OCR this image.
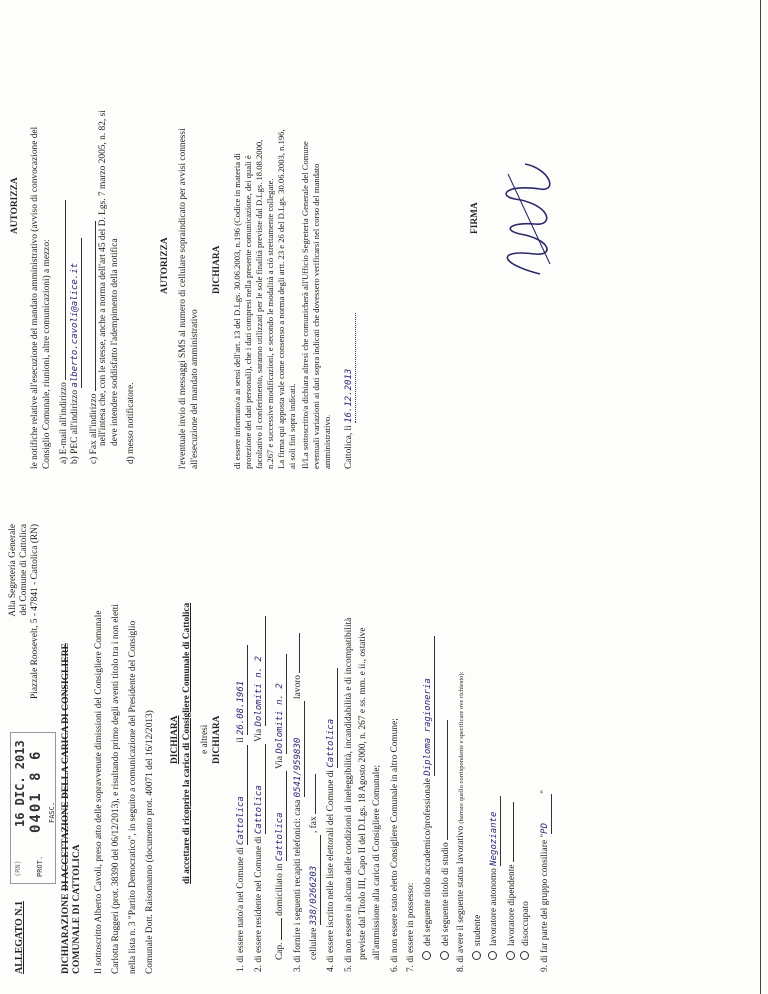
ALLEGATO N.1
(RN)
16 DIC. 2013
PROT.
0401 8 6 FASC.
Alla Segreteria Generale del Comune di Cattolica Piazzale Roosevelt, 5 - 47841 - Cattolica (RN)
DICHIARAZIONE DI ACCETTAZIONE DELLA CARICA DI CONSIGLIERE
COMUNALE DI CATTOLICA Il sottoscritto Alberto Cavoli, preso atto delle sopravvenute dimissioni del Consigliere Comunale Carlotta Ruggeri (prot. 38390 del 06/12/2013), e risultando primo degli aventi titolo tra i non eletti nella lista n. 3 "Partito Democratico", in seguito a comunicazione del Presidente del Consiglio Comunale Dott. Raisomanno (documento prot. 40071 del 16/12/2013) DICHIARA di accettare di ricoprire la carica di Consigliere Comunale di Cattolica e altresì DICHIARA
1. di essere nato/a nel Comune di Cattolica il 26.08.1961
2. di essere residente nel Comune di Cattolica Via Dolomiti n. 2
Cap.  domiciliato in Cattolica Via Dolomiti n. 2
3. di fornire i seguenti recapiti telefonici: casa 0541/959830 lavoro
cellulare 338/0266203 , fax
4. di essere iscritto nelle liste elettorali del Comune di Cattolica
5. di non essere in alcuna delle condizioni di ineleggibilità, incandidabilità e di incompatibilità previste dal Titolo III, Capo II del D.Lgs. 18 Agosto 2000, n. 267 e ss. mm. e ii., ostative all'ammissione alla carica di Consigliere Comunale;
6. di non essere stato eletto Consigliere Comunale in altro Comune;
7. di essere in possesso: del seguente titolo accademico/professionale Diploma ragioneria
del seguente titolo di studio 8. di avere il seguente status lavorativo (barrare quello corrispondente e specificare ove richiesto):
studente lavoratore autonomo Negoziante
lavoratore dipendente disoccupato 9. di far parte del gruppo consiliare "PD"
AUTORIZZA le notifiche relative all'esecuzione del mandato amministrativo (avviso di convocazione del Consiglio Comunale, riunioni, altre comunicazioni) a mezzo: a) E-mail all'indirizzo b) PEC all'indirizzo alberto.cavoli@alice.it
c) Fax all'indirizzo nell'intesa che, con le stesse, anche a norma dell'art 45 del D. Lgs. 7 marzo 2005, n. 82, si deve intendere soddisfatto l'adempimento della notifica d) messo notificatore.
AUTORIZZA l'eventuale invio di messaggi SMS al numero di cellulare sopraindicato per avvisi connessi all'esecuzione del mandato amministrativo
DICHIARA di essere informato/a ai sensi dell'art. 13 del D.Lgs. 30.06.2003, n.196 (Codice in materia di protezione dei dati personali), che i dati compresi nella presente comunicazione, dei quali è facoltativo il conferimento, saranno utilizzati per le sole finalità previste dal D.Lgs. 18.08.2000, n.267 e successive modificazioni, e secondo le modalità a ciò strettamente collegate. La firma qui apposta vale come consenso a norma degli artt. 23 e 26 del D.Lgs. 30.06.2003, n.196, ai soli fini sopra indicati. Il/La sottoscritto/a dichiara altresì che comunicherà all'Ufficio Segreteria Generale del Comune eventuali variazioni ai dati sopra indicati che dovessero verificarsi nel corso del mandato amministrativo. Cattolica, lì 16.12.2013
FIRMA
